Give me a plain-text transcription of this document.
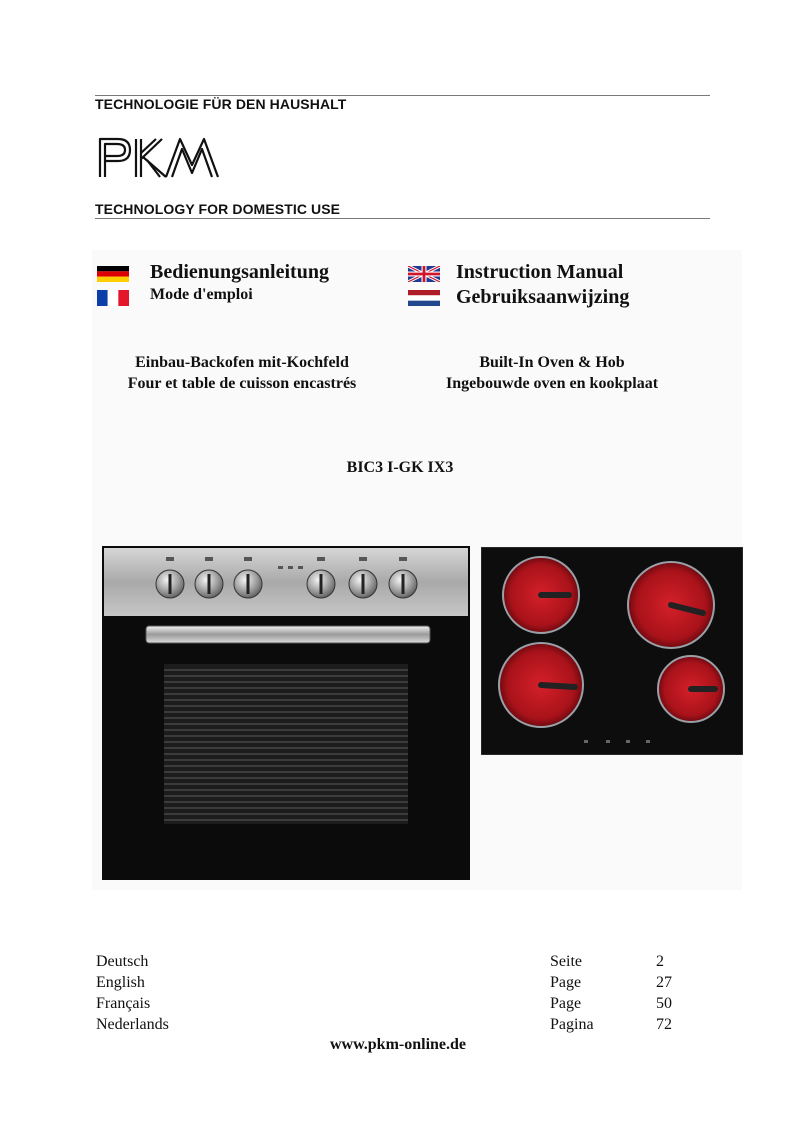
TECHNOLOGIE FÜR DEN HAUSHALT
TECHNOLOGY FOR DOMESTIC USE
Bedienungsanleitung
Mode d'emploi
Instruction Manual
Gebruiksaanwijzing
Einbau-Backofen mit-Kochfeld
Four et table de cuisson encastrés
Built-In Oven & Hob
Ingebouwde oven en kookplaat
BIC3 I-GK IX3
Deutsch	Seite	2
English	Page	27
Français	Page	50
Nederlands	Pagina	72
www.pkm-online.de
